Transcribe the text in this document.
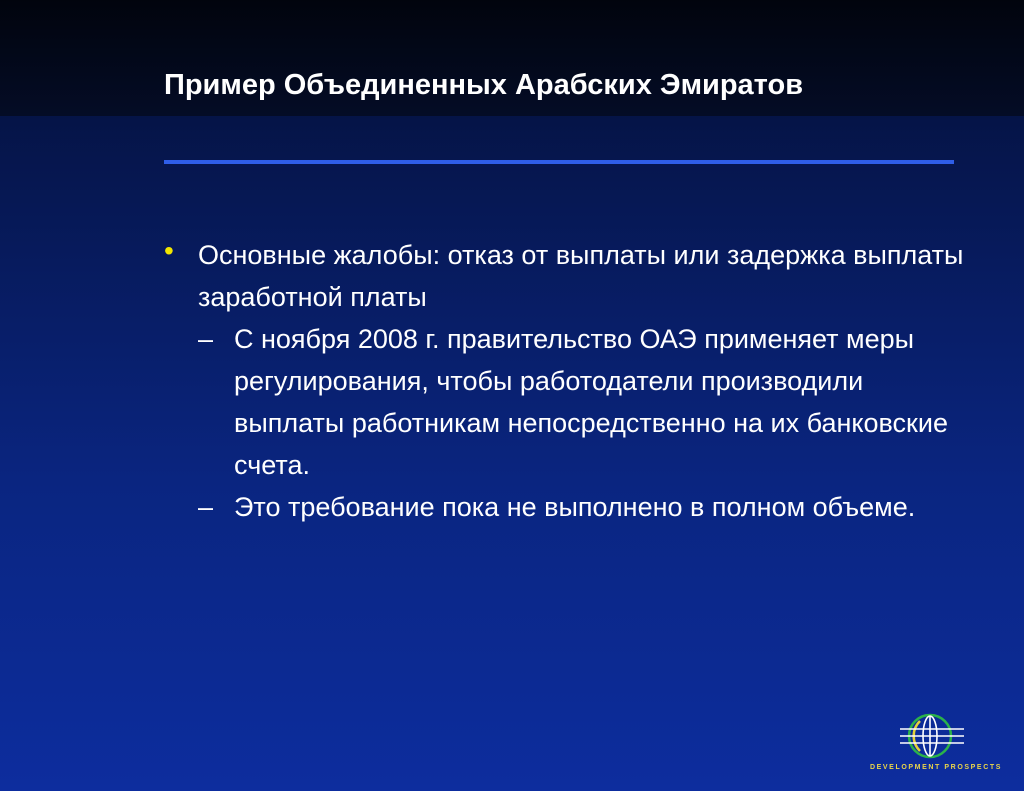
Пример Объединенных Арабских Эмиратов
• Основные жалобы: отказ от выплаты или задержка выплаты заработной платы
– С ноября 2008 г. правительство ОАЭ применяет меры регулирования, чтобы работодатели производили выплаты работникам непосредственно на их банковские счета.
– Это требование пока не выполнено в полном объеме.
DEVELOPMENT PROSPECTS
